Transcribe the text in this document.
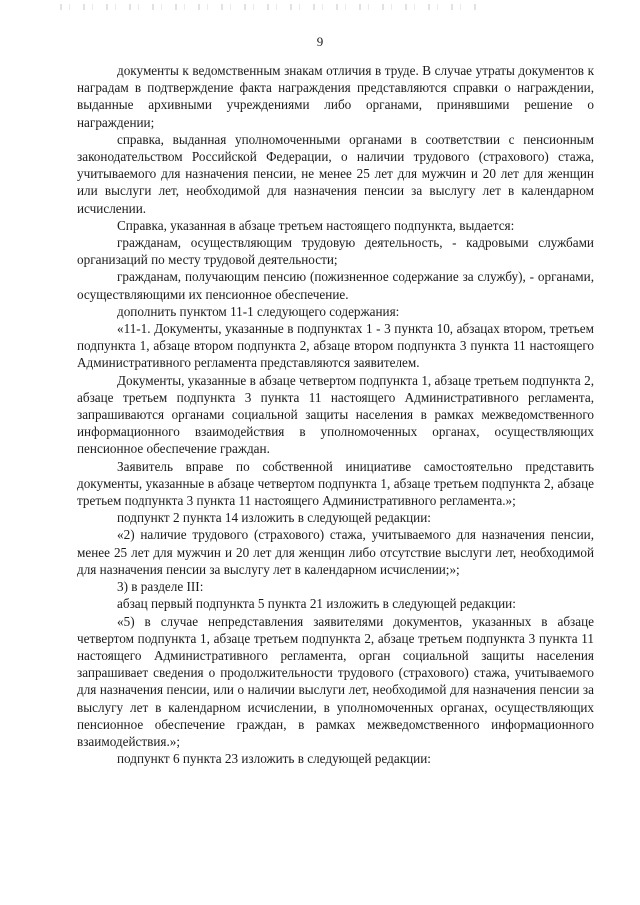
9

документы к ведомственным знакам отличия в труде. В случае утраты документов к наградам в подтверждение факта награждения представляются справки о награждении, выданные архивными учреждениями либо органами, принявшими решение о награждении;

справка, выданная уполномоченными органами в соответствии с пенсионным законодательством Российской Федерации, о наличии трудового (страхового) стажа, учитываемого для назначения пенсии, не менее 25 лет для мужчин и 20 лет для женщин или выслуги лет, необходимой для назначения пенсии за выслугу лет в календарном исчислении.

Справка, указанная в абзаце третьем настоящего подпункта, выдается:

гражданам, осуществляющим трудовую деятельность, - кадровыми службами организаций по месту трудовой деятельности;

гражданам, получающим пенсию (пожизненное содержание за службу), - органами, осуществляющими их пенсионное обеспечение.

дополнить пунктом 11-1 следующего содержания:

«11-1. Документы, указанные в подпунктах 1 - 3 пункта 10, абзацах втором, третьем подпункта 1, абзаце втором подпункта 2, абзаце втором подпункта 3 пункта 11 настоящего Административного регламента представляются заявителем.

Документы, указанные в абзаце четвертом подпункта 1, абзаце третьем подпункта 2, абзаце третьем подпункта 3 пункта 11 настоящего Административного регламента, запрашиваются органами социальной защиты населения в рамках межведомственного информационного взаимодействия в уполномоченных органах, осуществляющих пенсионное обеспечение граждан.

Заявитель вправе по собственной инициативе самостоятельно представить документы, указанные в абзаце четвертом подпункта 1, абзаце третьем подпункта 2, абзаце третьем подпункта 3 пункта 11 настоящего Административного регламента.»;

подпункт 2 пункта 14 изложить в следующей редакции:

«2) наличие трудового (страхового) стажа, учитываемого для назначения пенсии, менее 25 лет для мужчин и 20 лет для женщин либо отсутствие выслуги лет, необходимой для назначения пенсии за выслугу лет в календарном исчислении;»;

3) в разделе III:

абзац первый подпункта 5 пункта 21 изложить в следующей редакции:

«5) в случае непредставления заявителями документов, указанных в абзаце четвертом подпункта 1, абзаце третьем подпункта 2, абзаце третьем подпункта 3 пункта 11 настоящего Административного регламента, орган социальной защиты населения запрашивает сведения о продолжительности трудового (страхового) стажа, учитываемого для назначения пенсии, или о наличии выслуги лет, необходимой для назначения пенсии за выслугу лет в календарном исчислении, в уполномоченных органах, осуществляющих пенсионное обеспечение граждан, в рамках межведомственного информационного взаимодействия.»;

подпункт 6 пункта 23 изложить в следующей редакции:
